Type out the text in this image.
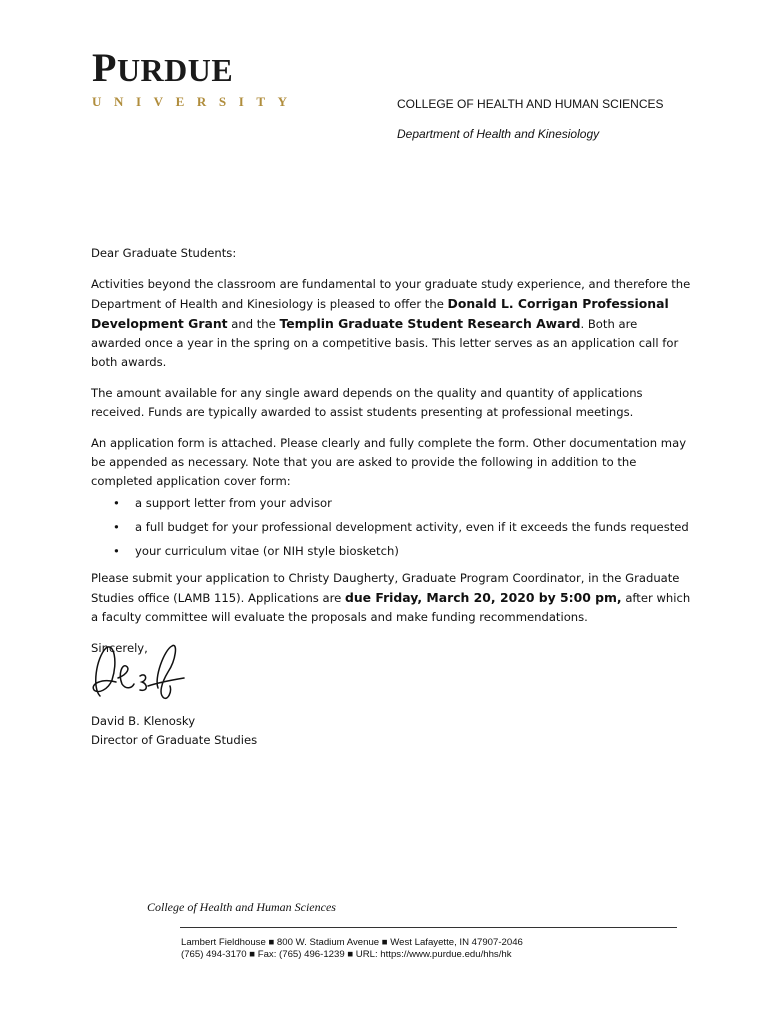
PURDUE
UNIVERSITY	COLLEGE OF HEALTH AND HUMAN SCIENCES
Department of Health and Kinesiology

Dear Graduate Students:

Activities beyond the classroom are fundamental to your graduate study experience, and therefore the Department of Health and Kinesiology is pleased to offer the Donald L. Corrigan Professional Development Grant and the Templin Graduate Student Research Award. Both are awarded once a year in the spring on a competitive basis. This letter serves as an application call for both awards.

The amount available for any single award depends on the quality and quantity of applications received. Funds are typically awarded to assist students presenting at professional meetings.

An application form is attached. Please clearly and fully complete the form. Other documentation may be appended as necessary. Note that you are asked to provide the following in addition to the completed application cover form:

• a support letter from your advisor
• a full budget for your professional development activity, even if it exceeds the funds requested
• your curriculum vitae (or NIH style biosketch)

Please submit your application to Christy Daugherty, Graduate Program Coordinator, in the Graduate Studies office (LAMB 115). Applications are due Friday, March 20, 2020 by 5:00 pm, after which a faculty committee will evaluate the proposals and make funding recommendations.

Sincerely,

David B. Klenosky
Director of Graduate Studies
College of Health and Human Sciences
Lambert Fieldhouse ■ 800 W. Stadium Avenue ■ West Lafayette, IN 47907-2046
(765) 494-3170 ■ Fax: (765) 496-1239 ■ URL: https://www.purdue.edu/hhs/hk
